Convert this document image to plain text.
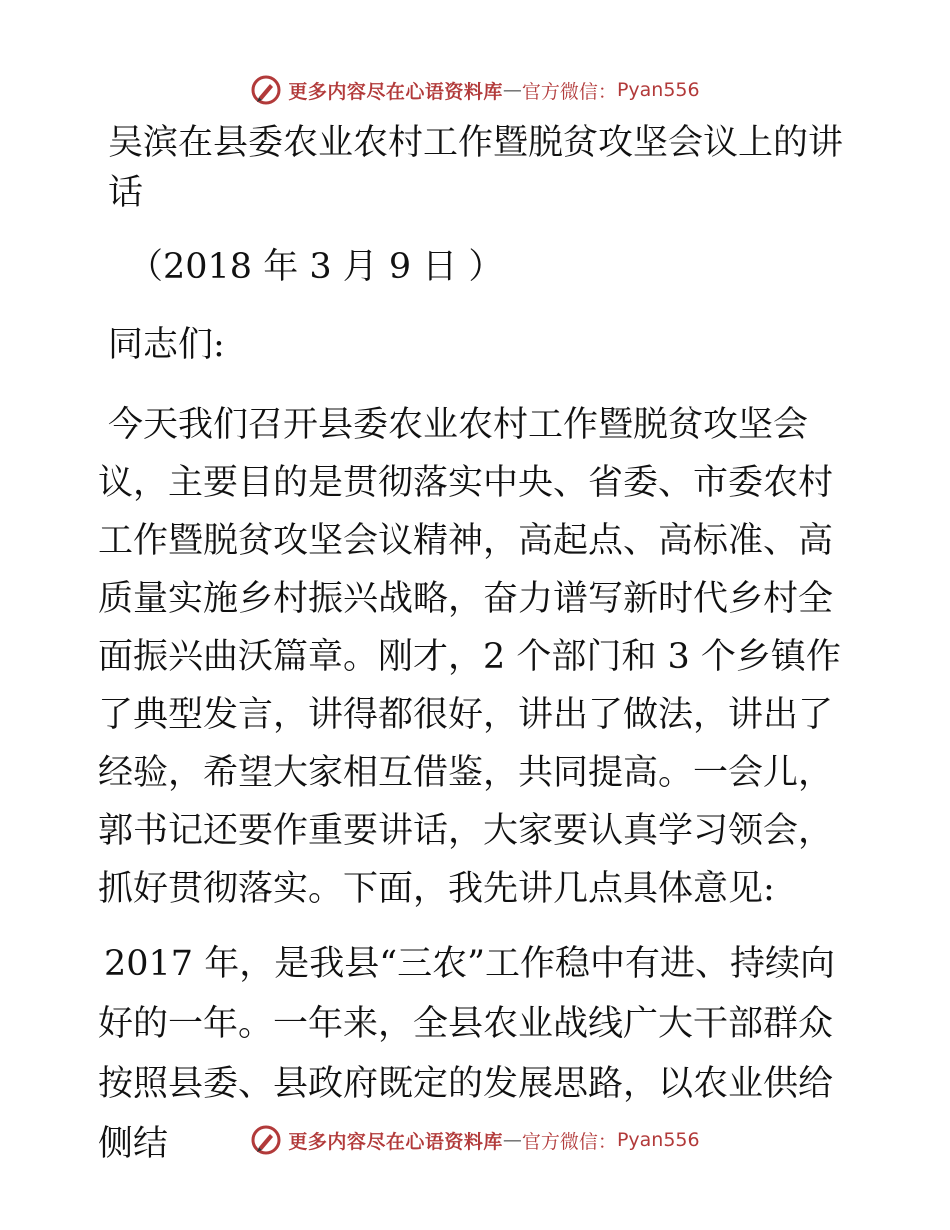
更多内容尽在心语资料库 — 官方微信： Pyan556

吴滨在县委农业农村工作暨脱贫攻坚会议上的讲话

（2018 年 3 月 9 日 ）

同志们:

今天我们召开县委农业农村工作暨脱贫攻坚会议，主要目的是贯彻落实中央、省委、市委农村工作暨脱贫攻坚会议精神，高起点、高标准、高质量实施乡村振兴战略，奋力谱写新时代乡村全面振兴曲沃篇章。刚才，2 个部门和 3 个乡镇作了典型发言，讲得都很好，讲出了做法，讲出了经验，希望大家相互借鉴，共同提高。一会儿，郭书记还要作重要讲话，大家要认真学习领会，抓好贯彻落实。下面，我先讲几点具体意见:

2017 年，是我县“三农”工作稳中有进、持续向好的一年。一年来，全县农业战线广大干部群众按照县委、县政府既定的发展思路，以农业供给侧结	更多内容尽在心语资料库 — 官方微信： Pyan556
